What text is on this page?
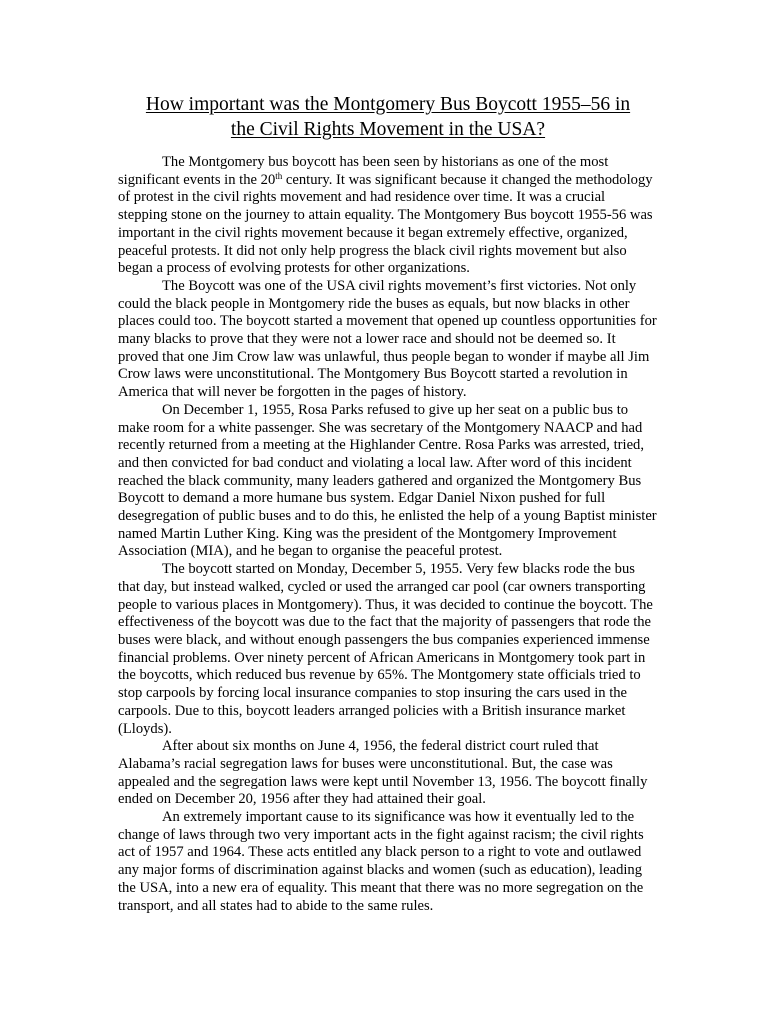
How important was the Montgomery Bus Boycott 1955–56 in
the Civil Rights Movement in the USA?

The Montgomery bus boycott has been seen by historians as one of the most significant events in the 20th century. It was significant because it changed the methodology of protest in the civil rights movement and had residence over time. It was a crucial stepping stone on the journey to attain equality. The Montgomery Bus boycott 1955-56 was important in the civil rights movement because it began extremely effective, organized, peaceful protests. It did not only help progress the black civil rights movement but also began a process of evolving protests for other organizations.

The Boycott was one of the USA civil rights movement’s first victories. Not only could the black people in Montgomery ride the buses as equals, but now blacks in other places could too. The boycott started a movement that opened up countless opportunities for many blacks to prove that they were not a lower race and should not be deemed so. It proved that one Jim Crow law was unlawful, thus people began to wonder if maybe all Jim Crow laws were unconstitutional. The Montgomery Bus Boycott started a revolution in America that will never be forgotten in the pages of history.

On December 1, 1955, Rosa Parks refused to give up her seat on a public bus to make room for a white passenger. She was secretary of the Montgomery NAACP and had recently returned from a meeting at the Highlander Centre. Rosa Parks was arrested, tried, and then convicted for bad conduct and violating a local law. After word of this incident reached the black community, many leaders gathered and organized the Montgomery Bus Boycott to demand a more humane bus system. Edgar Daniel Nixon pushed for full desegregation of public buses and to do this, he enlisted the help of a young Baptist minister named Martin Luther King. King was the president of the Montgomery Improvement Association (MIA), and he began to organise the peaceful protest.

The boycott started on Monday, December 5, 1955. Very few blacks rode the bus that day, but instead walked, cycled or used the arranged car pool (car owners transporting people to various places in Montgomery). Thus, it was decided to continue the boycott. The effectiveness of the boycott was due to the fact that the majority of passengers that rode the buses were black, and without enough passengers the bus companies experienced immense financial problems. Over ninety percent of African Americans in Montgomery took part in the boycotts, which reduced bus revenue by 65%. The Montgomery state officials tried to stop carpools by forcing local insurance companies to stop insuring the cars used in the carpools. Due to this, boycott leaders arranged policies with a British insurance market (Lloyds).

After about six months on June 4, 1956, the federal district court ruled that Alabama’s racial segregation laws for buses were unconstitutional. But, the case was appealed and the segregation laws were kept until November 13, 1956. The boycott finally ended on December 20, 1956 after they had attained their goal.

An extremely important cause to its significance was how it eventually led to the change of laws through two very important acts in the fight against racism; the civil rights act of 1957 and 1964. These acts entitled any black person to a right to vote and outlawed any major forms of discrimination against blacks and women (such as education), leading the USA, into a new era of equality. This meant that there was no more segregation on the transport, and all states had to abide to the same rules.
